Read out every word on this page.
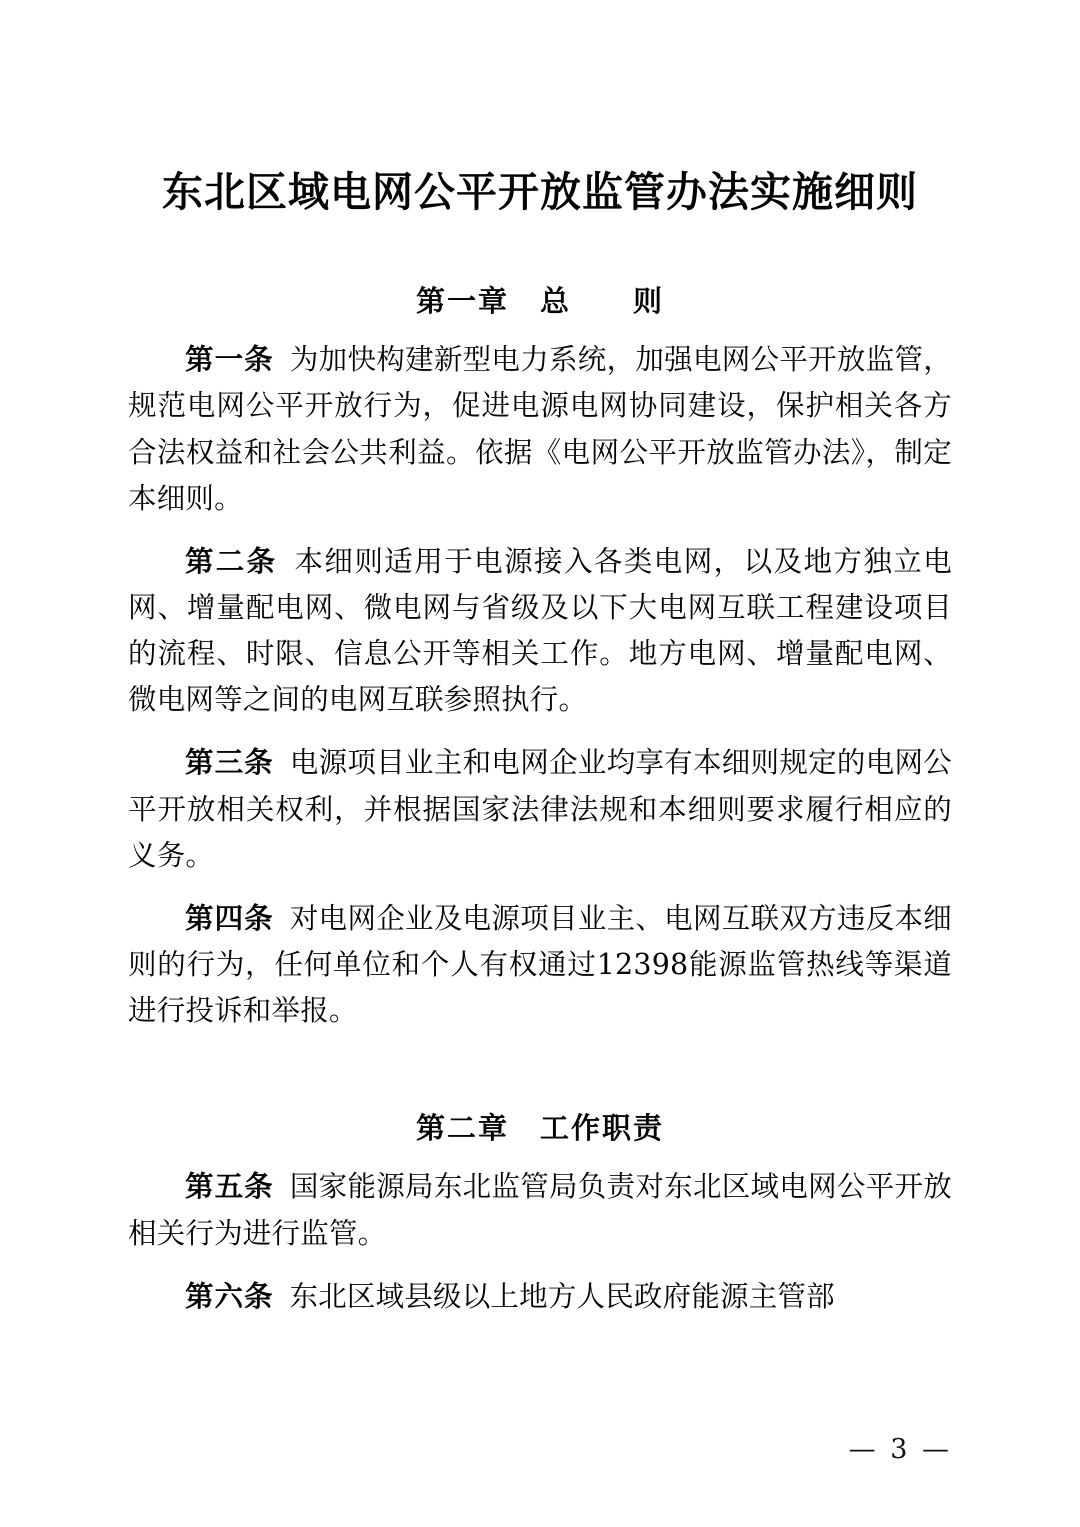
东北区域电网公平开放监管办法实施细则
第一章　总　　则

第一条 为加快构建新型电力系统，加强电网公平开放监管，规范电网公平开放行为，促进电源电网协同建设，保护相关各方合法权益和社会公共利益。依据《电网公平开放监管办法》，制定本细则。

第二条 本细则适用于电源接入各类电网，以及地方独立电网、增量配电网、微电网与省级及以下大电网互联工程建设项目的流程、时限、信息公开等相关工作。地方电网、增量配电网、微电网等之间的电网互联参照执行。

第三条 电源项目业主和电网企业均享有本细则规定的电网公平开放相关权利，并根据国家法律法规和本细则要求履行相应的义务。

第四条 对电网企业及电源项目业主、电网互联双方违反本细则的行为，任何单位和个人有权通过12398能源监管热线等渠道进行投诉和举报。

第二章　工作职责

第五条 国家能源局东北监管局负责对东北区域电网公平开放相关行为进行监管。

第六条 东北区域县级以上地方人民政府能源主管部

— 3 —
